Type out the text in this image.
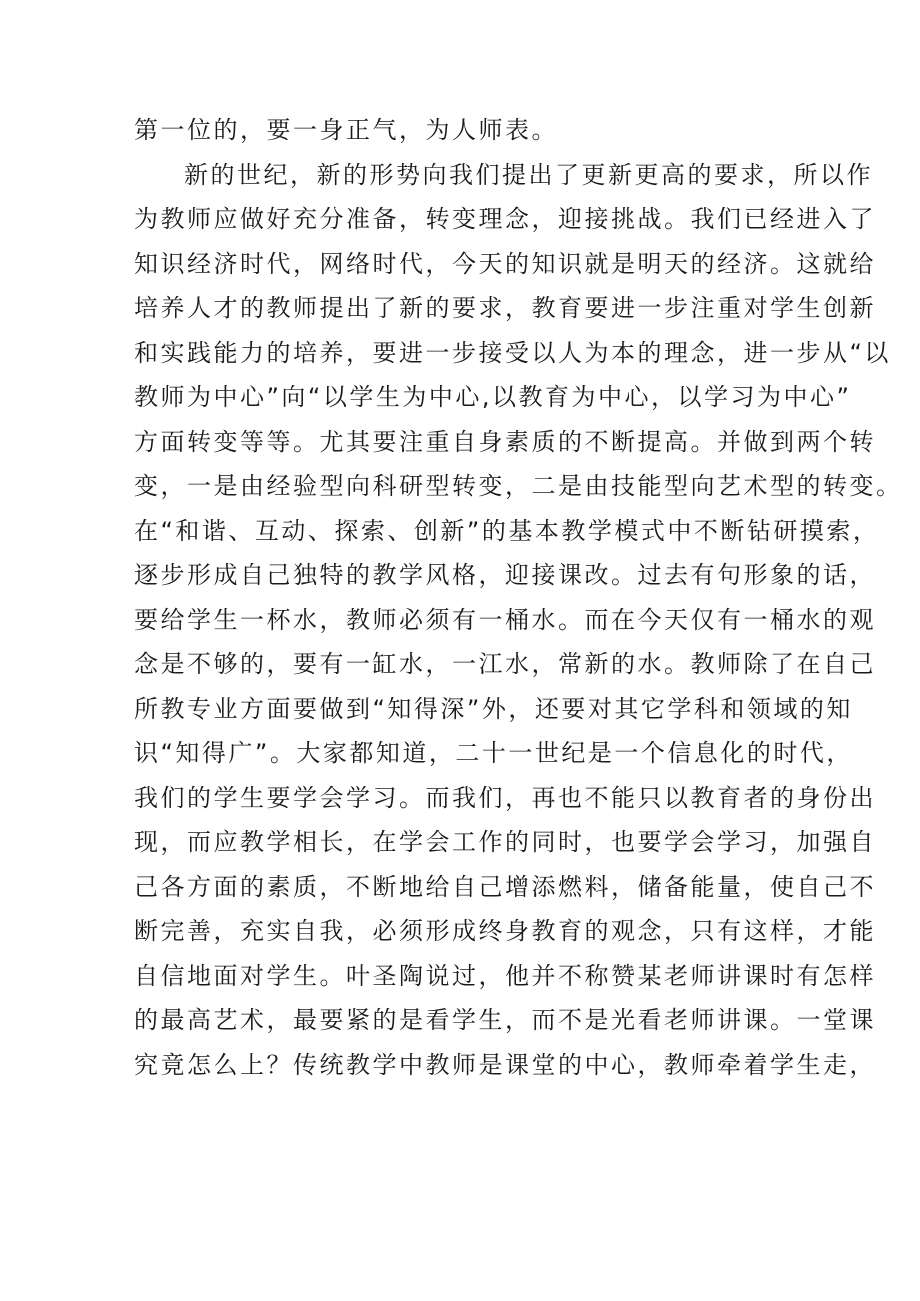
第一位的，要一身正气，为人师表。
新的世纪，新的形势向我们提出了更新更高的要求，所以作
为教师应做好充分准备，转变理念，迎接挑战。我们已经进入了
知识经济时代，网络时代，今天的知识就是明天的经济。这就给
培养人才的教师提出了新的要求，教育要进一步注重对学生创新
和实践能力的培养，要进一步接受以人为本的理念，进一步从“以
教师为中心”向“以学生为中心,以教育为中心，以学习为中心”
方面转变等等。尤其要注重自身素质的不断提高。并做到两个转
变，一是由经验型向科研型转变，二是由技能型向艺术型的转变。
在“和谐、互动、探索、创新”的基本教学模式中不断钻研摸索，
逐步形成自己独特的教学风格，迎接课改。过去有句形象的话，
要给学生一杯水，教师必须有一桶水。而在今天仅有一桶水的观
念是不够的，要有一缸水，一江水，常新的水。教师除了在自己
所教专业方面要做到“知得深”外，还要对其它学科和领域的知
识“知得广”。大家都知道，二十一世纪是一个信息化的时代，
我们的学生要学会学习。而我们，再也不能只以教育者的身份出
现，而应教学相长，在学会工作的同时，也要学会学习，加强自
己各方面的素质，不断地给自己增添燃料，储备能量，使自己不
断完善，充实自我，必须形成终身教育的观念，只有这样，才能
自信地面对学生。叶圣陶说过，他并不称赞某老师讲课时有怎样
的最高艺术，最要紧的是看学生，而不是光看老师讲课。一堂课
究竟怎么上？传统教学中教师是课堂的中心，教师牵着学生走，
